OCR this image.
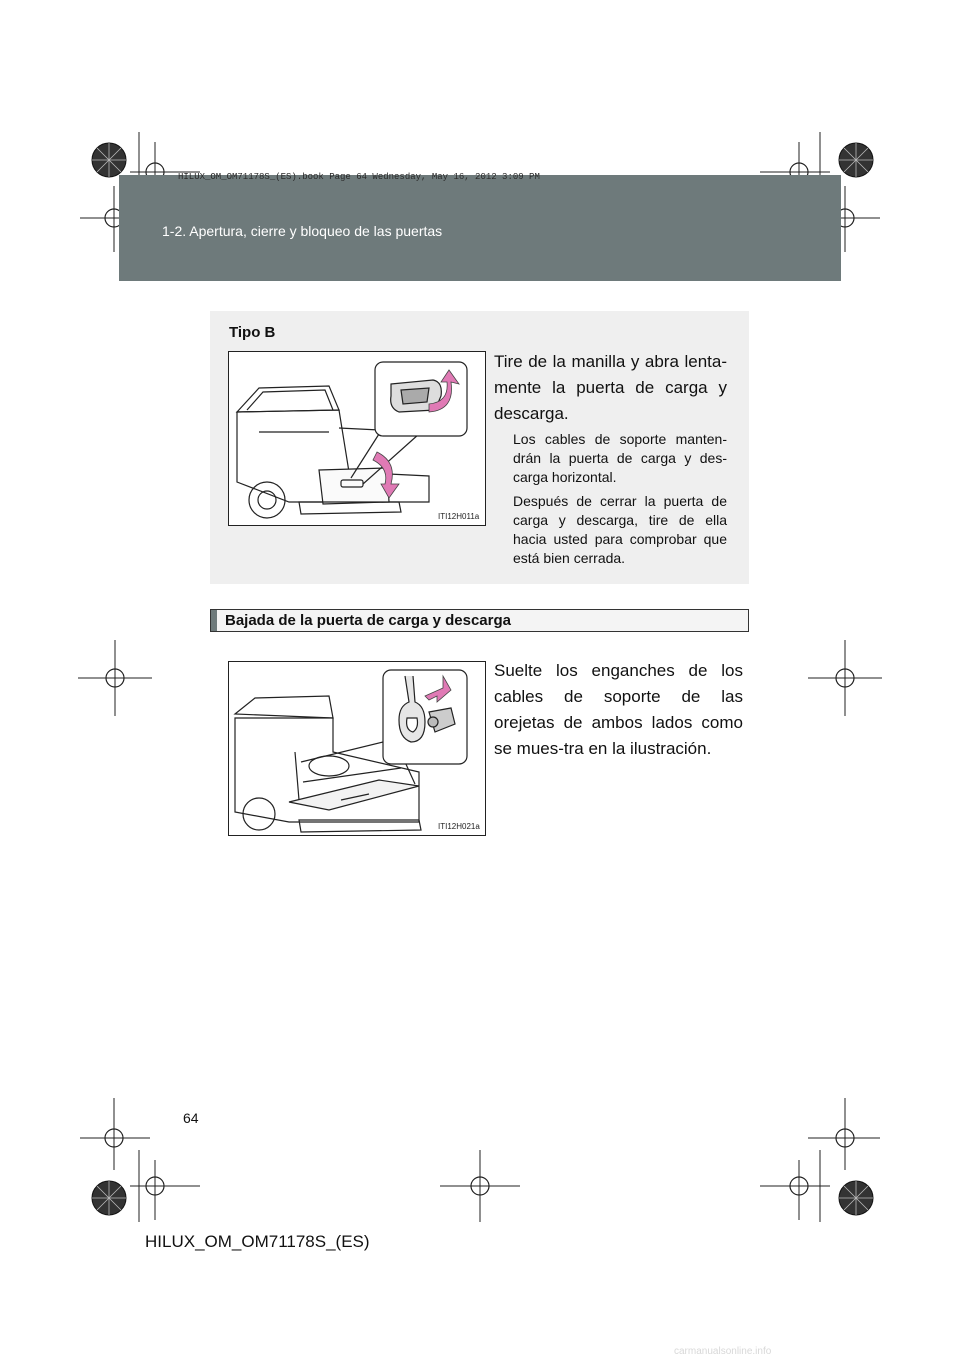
HILUX_OM_OM71178S_(ES).book Page 64 Wednesday, May 16, 2012 3:09 PM
1-2. Apertura, cierre y bloqueo de las puertas
Tipo B
ITI12H011a
Tire de la manilla y abra lenta-mente la puerta de carga y descarga.
Los cables de soporte manten-drán la puerta de carga y des-carga horizontal.
Después de cerrar la puerta de carga y descarga, tire de ella hacia usted para comprobar que está bien cerrada.
Bajada de la puerta de carga y descarga
ITI12H021a
Suelte los enganches de los cables de soporte de las orejetas de ambos lados como se mues-tra en la ilustración.
64
HILUX_OM_OM71178S_(ES)
carmanualsonline.info
